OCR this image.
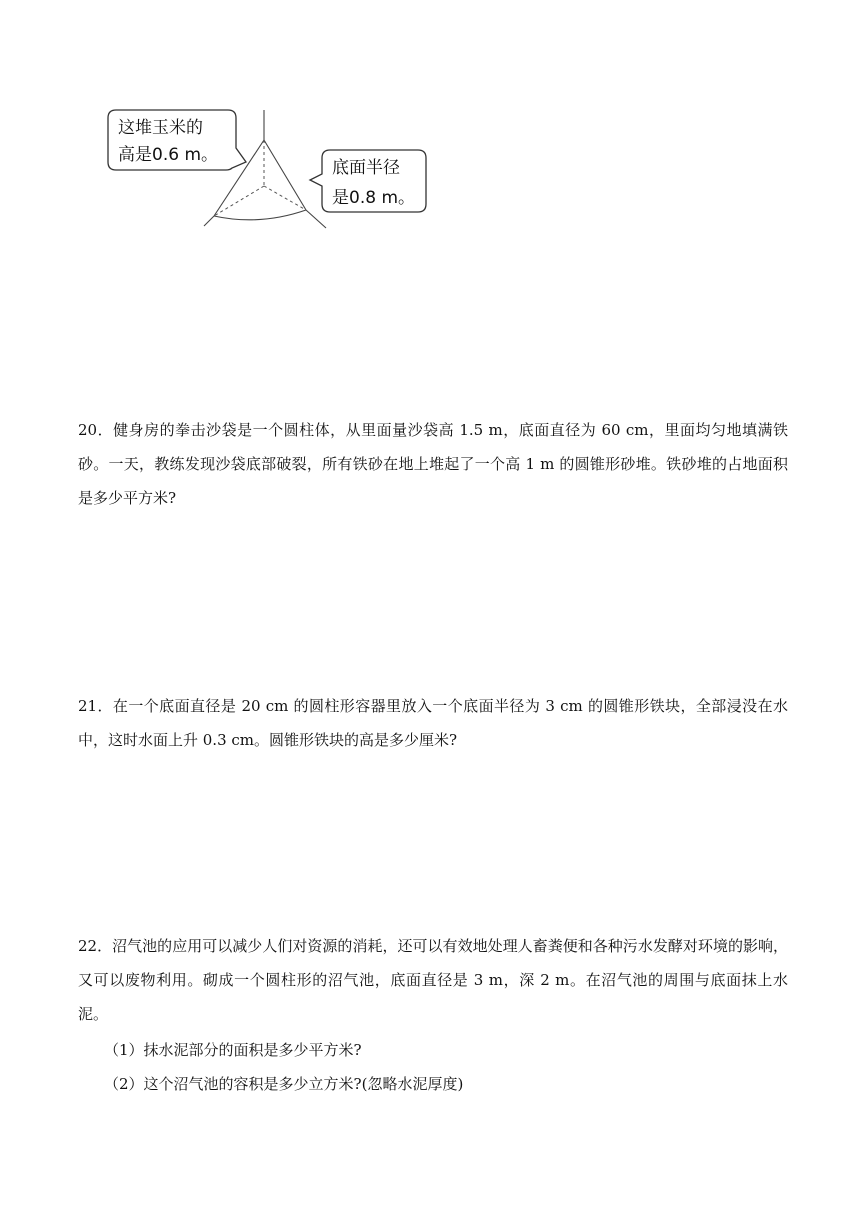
这堆玉米的
高是0.6 m。
底面半径
是0.8 m。

20．健身房的拳击沙袋是一个圆柱体，从里面量沙袋高 1.5 m，底面直径为 60 cm，里面均匀地填满铁砂。一天，教练发现沙袋底部破裂，所有铁砂在地上堆起了一个高 1 m 的圆锥形砂堆。铁砂堆的占地面积是多少平方米?

21．在一个底面直径是 20 cm 的圆柱形容器里放入一个底面半径为 3 cm 的圆锥形铁块，全部浸没在水中，这时水面上升 0.3 cm。圆锥形铁块的高是多少厘米?

22．沼气池的应用可以减少人们对资源的消耗，还可以有效地处理人畜粪便和各种污水发酵对环境的影响，又可以废物利用。砌成一个圆柱形的沼气池，底面直径是 3 m，深 2 m。在沼气池的周围与底面抹上水泥。

（1）抹水泥部分的面积是多少平方米?
（2）这个沼气池的容积是多少立方米?(忽略水泥厚度)
